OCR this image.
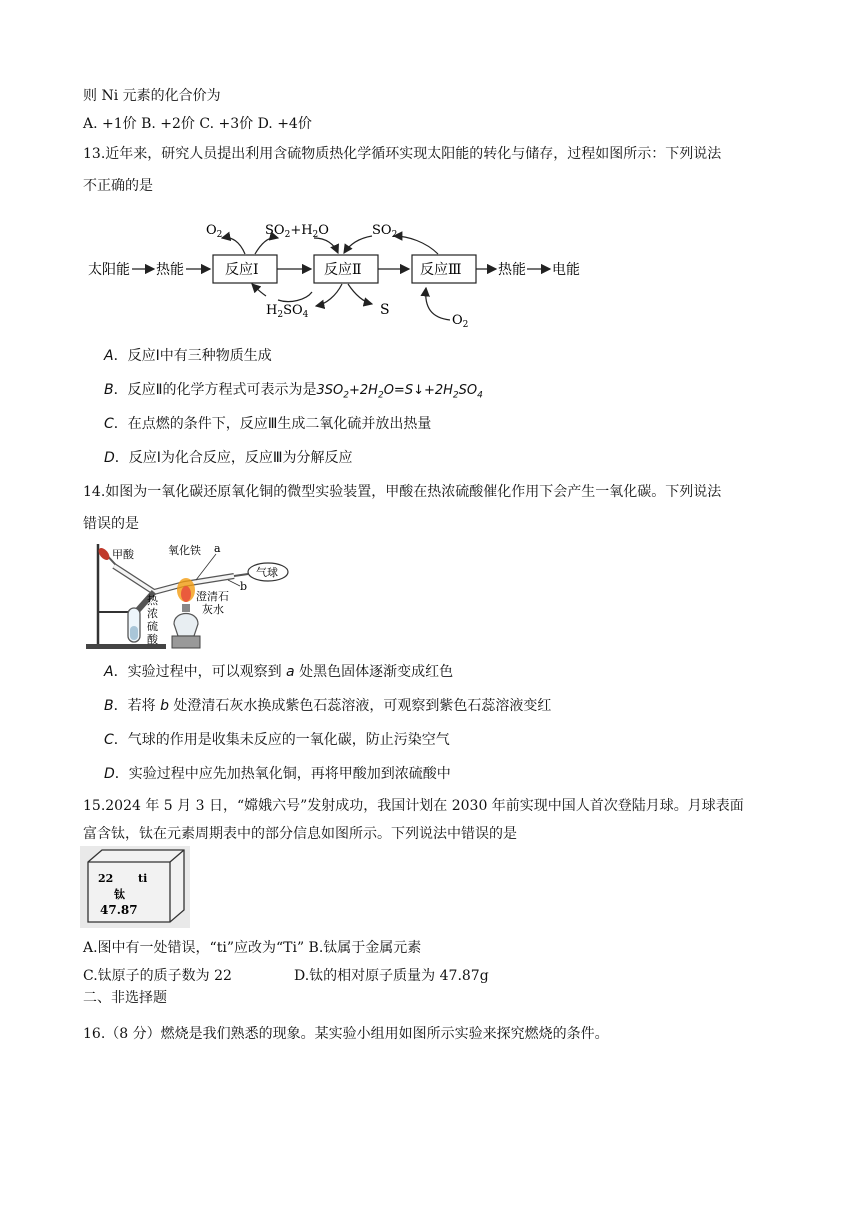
则 Ni 元素的化合价为
A. +1价 B. +2价 C. +3价 D. +4价
13.近年来，研究人员提出利用含硫物质热化学循环实现太阳能的转化与储存，过程如图所示：下列说法
不正确的是
太阳能 热能	反应Ⅰ	反应Ⅱ	反应Ⅲ	热能 电能
$O_2$	$SO_2+H_2O$	$SO_2$
$H_2SO_4$	S
$O_2$
A．反应Ⅰ中有三种物质生成
B．反应Ⅱ的化学方程式可表示为是$3SO_2+2H_2O=S↓+2H_2SO_4$
C．在点燃的条件下，反应Ⅲ生成二氧化硫并放出热量
D．反应Ⅰ为化合反应，反应Ⅲ为分解反应
14.如图为一氧化碳还原氧化铜的微型实验装置，甲酸在热浓硫酸催化作用下会产生一氧化碳。下列说法
错误的是
气球
甲酸	氧化铁 a
b
澄清石
灰水
热
浓
硫
酸
A．实验过程中，可以观察到 a 处黑色固体逐渐变成红色
B．若将 b 处澄清石灰水换成紫色石蕊溶液，可观察到紫色石蕊溶液变红
C．气球的作用是收集未反应的一氧化碳，防止污染空气
D．实验过程中应先加热氧化铜，再将甲酸加到浓硫酸中
15.2024 年 5 月 3 日，“嫦娥六号”发射成功，我国计划在 2030 年前实现中国人首次登陆月球。月球表面
富含钛，钛在元素周期表中的部分信息如图所示。下列说法中错误的是
22 ti
钛
47.87
A.图中有一处错误，“ti”应改为“Ti” B.钛属于金属元素
C.钛原子的质子数为 22	D.钛的相对原子质量为 47.87g
二、非选择题
16.（8 分）燃烧是我们熟悉的现象。某实验小组用如图所示实验来探究燃烧的条件。
